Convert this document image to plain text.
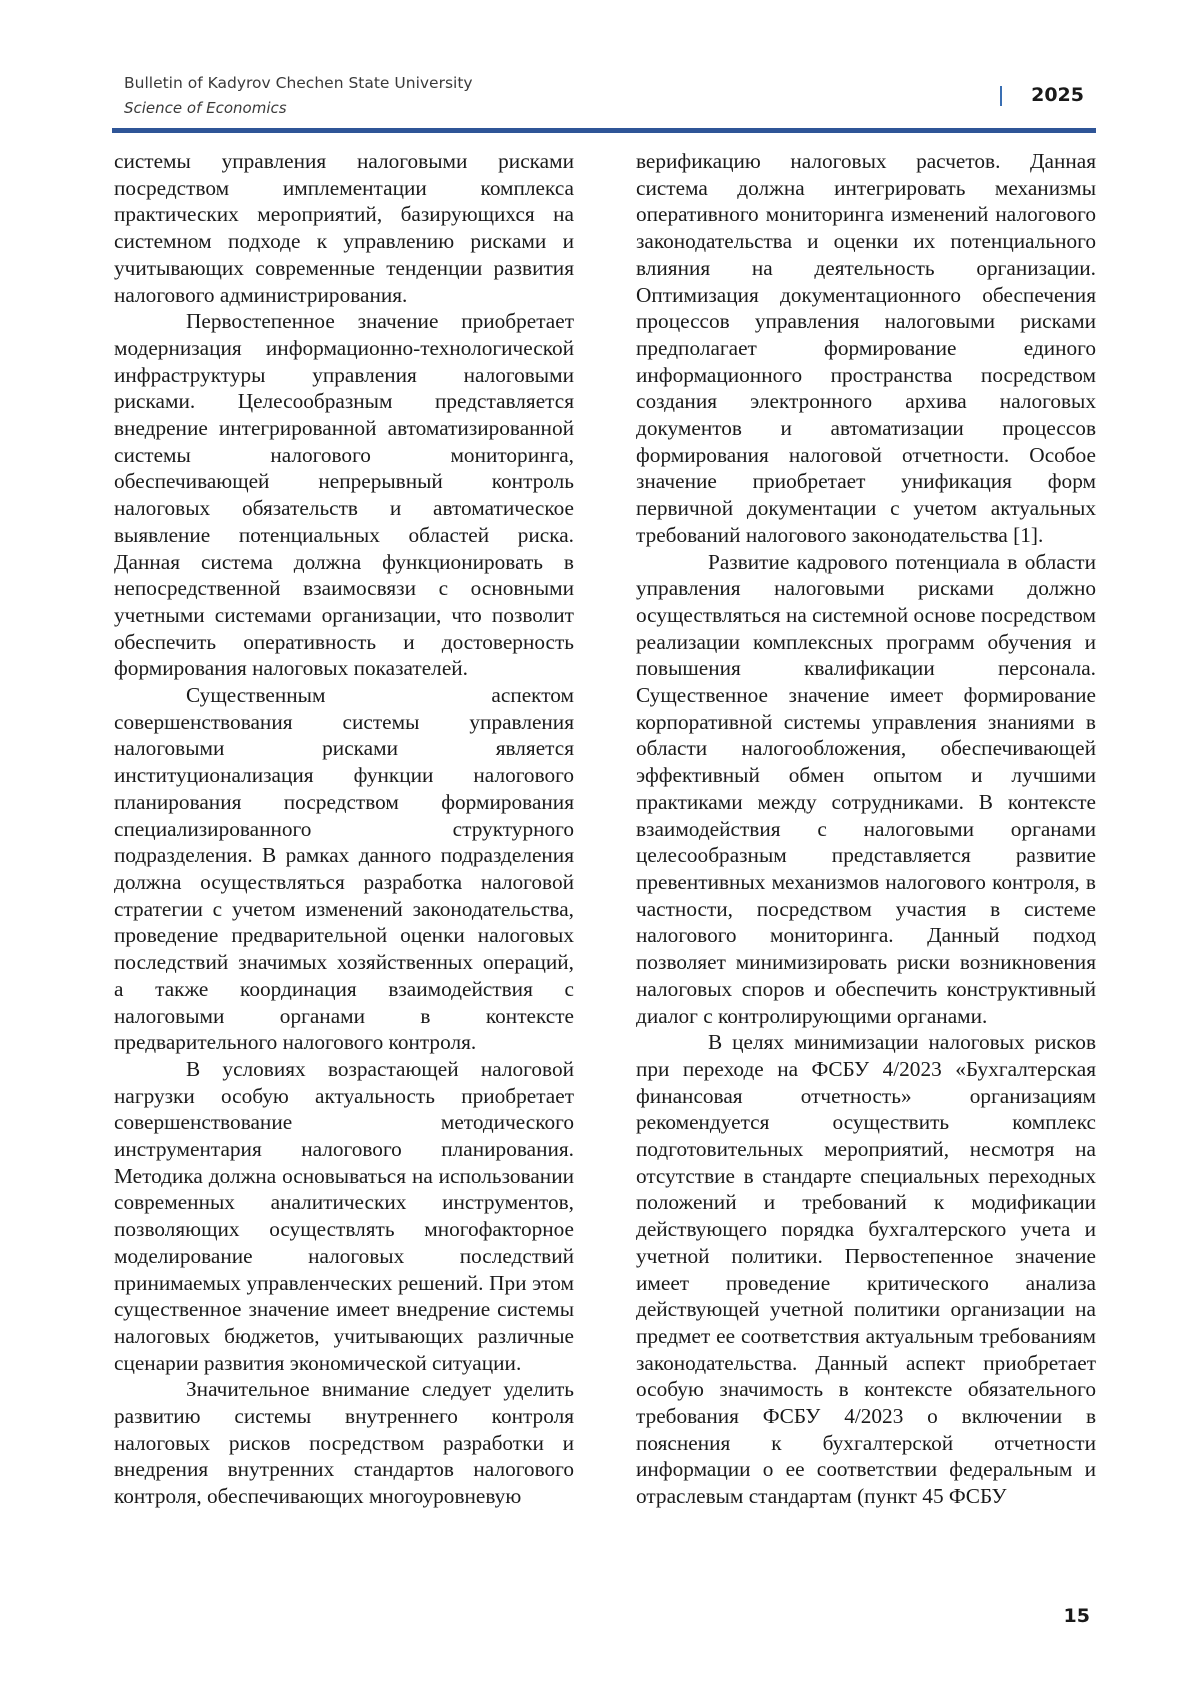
Bulletin of Kadyrov Chechen State University
Science of Economics
2025

системы управления налоговыми рисками посредством имплементации комплекса практических мероприятий, базирующихся на системном подходе к управлению рисками и учитывающих современные тенденции развития налогового администрирования.

Первостепенное значение приобретает модернизация информационно-технологической инфраструктуры управления налоговыми рисками. Целесообразным представляется внедрение интегрированной автоматизированной системы налогового мониторинга, обеспечивающей непрерывный контроль налоговых обязательств и автоматическое выявление потенциальных областей риска. Данная система должна функционировать в непосредственной взаимосвязи с основными учетными системами организации, что позволит обеспечить оперативность и достоверность формирования налоговых показателей.

Существенным аспектом совершенствования системы управления налоговыми рисками является институционализация функции налогового планирования посредством формирования специализированного структурного подразделения. В рамках данного подразделения должна осуществляться разработка налоговой стратегии с учетом изменений законодательства, проведение предварительной оценки налоговых последствий значимых хозяйственных операций, а также координация взаимодействия с налоговыми органами в контексте предварительного налогового контроля.

В условиях возрастающей налоговой нагрузки особую актуальность приобретает совершенствование методического инструментария налогового планирования. Методика должна основываться на использовании современных аналитических инструментов, позволяющих осуществлять многофакторное моделирование налоговых последствий принимаемых управленческих решений. При этом существенное значение имеет внедрение системы налоговых бюджетов, учитывающих различные сценарии развития экономической ситуации.

Значительное внимание следует уделить развитию системы внутреннего контроля налоговых рисков посредством разработки и внедрения внутренних стандартов налогового контроля, обеспечивающих многоуровневую

верификацию налоговых расчетов. Данная система должна интегрировать механизмы оперативного мониторинга изменений налогового законодательства и оценки их потенциального влияния на деятельность организации. Оптимизация документационного обеспечения процессов управления налоговыми рисками предполагает формирование единого информационного пространства посредством создания электронного архива налоговых документов и автоматизации процессов формирования налоговой отчетности. Особое значение приобретает унификация форм первичной документации с учетом актуальных требований налогового законодательства [1].

Развитие кадрового потенциала в области управления налоговыми рисками должно осуществляться на системной основе посредством реализации комплексных программ обучения и повышения квалификации персонала. Существенное значение имеет формирование корпоративной системы управления знаниями в области налогообложения, обеспечивающей эффективный обмен опытом и лучшими практиками между сотрудниками. В контексте взаимодействия с налоговыми органами целесообразным представляется развитие превентивных механизмов налогового контроля, в частности, посредством участия в системе налогового мониторинга. Данный подход позволяет минимизировать риски возникновения налоговых споров и обеспечить конструктивный диалог с контролирующими органами.

В целях минимизации налоговых рисков при переходе на ФСБУ 4/2023 «Бухгалтерская финансовая отчетность» организациям рекомендуется осуществить комплекс подготовительных мероприятий, несмотря на отсутствие в стандарте специальных переходных положений и требований к модификации действующего порядка бухгалтерского учета и учетной политики. Первостепенное значение имеет проведение критического анализа действующей учетной политики организации на предмет ее соответствия актуальным требованиям законодательства. Данный аспект приобретает особую значимость в контексте обязательного требования ФСБУ 4/2023 о включении в пояснения к бухгалтерской отчетности информации о ее соответствии федеральным и отраслевым стандартам (пункт 45 ФСБУ

15
